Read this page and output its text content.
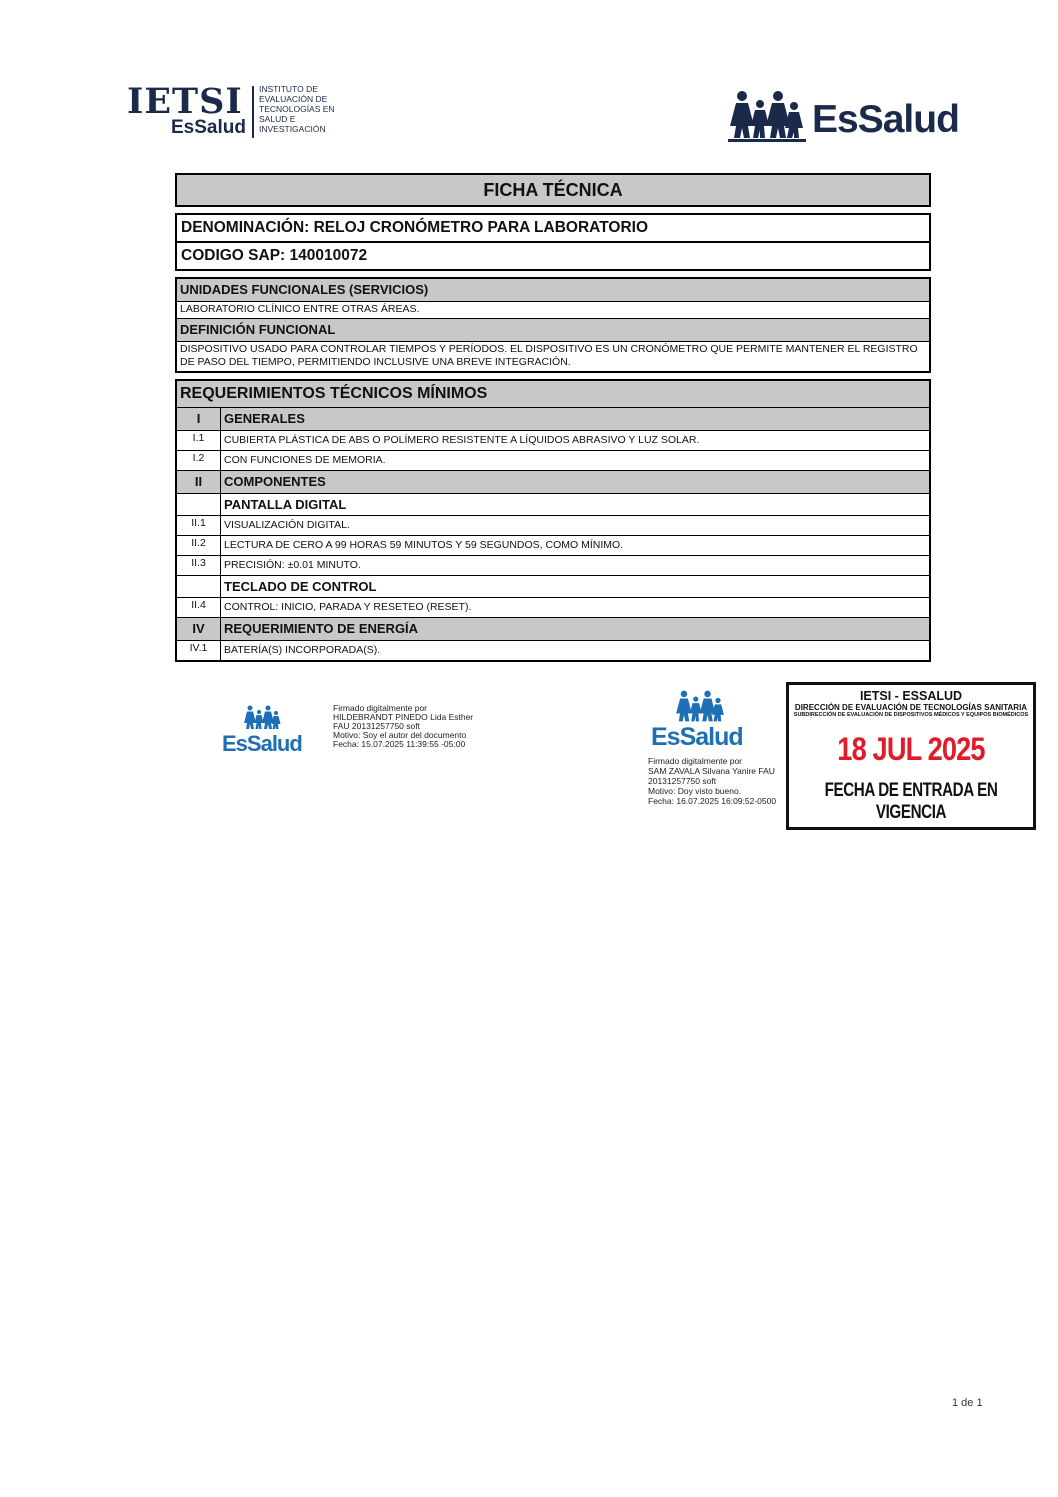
IETSI
EsSalud
INSTITUTO DE
EVALUACIÓN DE
TECNOLOGÍAS EN
SALUD E
INVESTIGACIÓN	EsSalud
FICHA TÉCNICA
DENOMINACIÓN: RELOJ CRONÓMETRO PARA LABORATORIO
CODIGO SAP: 140010072
UNIDADES FUNCIONALES (SERVICIOS)
LABORATORIO CLÍNICO ENTRE OTRAS ÁREAS.
DEFINICIÓN FUNCIONAL
DISPOSITIVO USADO PARA CONTROLAR TIEMPOS Y PERÍODOS. EL DISPOSITIVO ES UN CRONÓMETRO QUE PERMITE MANTENER EL REGISTRO DE PASO DEL TIEMPO, PERMITIENDO INCLUSIVE UNA BREVE INTEGRACIÓN.
REQUERIMIENTOS TÉCNICOS MÍNIMOS
I	GENERALES
I.1	CUBIERTA PLÁSTICA DE ABS O POLÍMERO RESISTENTE A LÍQUIDOS ABRASIVO Y LUZ SOLAR.
I.2	CON FUNCIONES DE MEMORIA.
II	COMPONENTES
PANTALLA DIGITAL
II.1	VISUALIZACIÓN DIGITAL.
II.2	LECTURA DE CERO A 99 HORAS 59 MINUTOS Y 59 SEGUNDOS, COMO MÍNIMO.
II.3	PRECISIÓN: ±0.01 MINUTO.
TECLADO DE CONTROL
II.4	CONTROL: INICIO, PARADA Y RESETEO (RESET).
IV	REQUERIMIENTO DE ENERGÍA
IV.1	BATERÍA(S) INCORPORADA(S).
EsSalud
Firmado digitalmente por
HILDEBRANDT PINEDO Lida Esther
FAU 20131257750 soft
Motivo: Soy el autor del documento
Fecha: 15.07.2025 11:39:55 -05:00	EsSalud
Firmado digitalmente por
SAM ZAVALA Silvana Yanire FAU
20131257750 soft
Motivo: Doy visto bueno.
Fecha: 16.07.2025 16:09:52-0500
IETSI - ESSALUD
DIRECCIÓN DE EVALUACIÓN DE TECNOLOGÍAS SANITARIA
SUBDIRECCIÓN DE EVALUACIÓN DE DISPOSITIVOS MÉDICOS Y EQUIPOS BIOMÉDICOS
18 JUL 2025
FECHA DE ENTRADA EN VIGENCIA
1 de 1
